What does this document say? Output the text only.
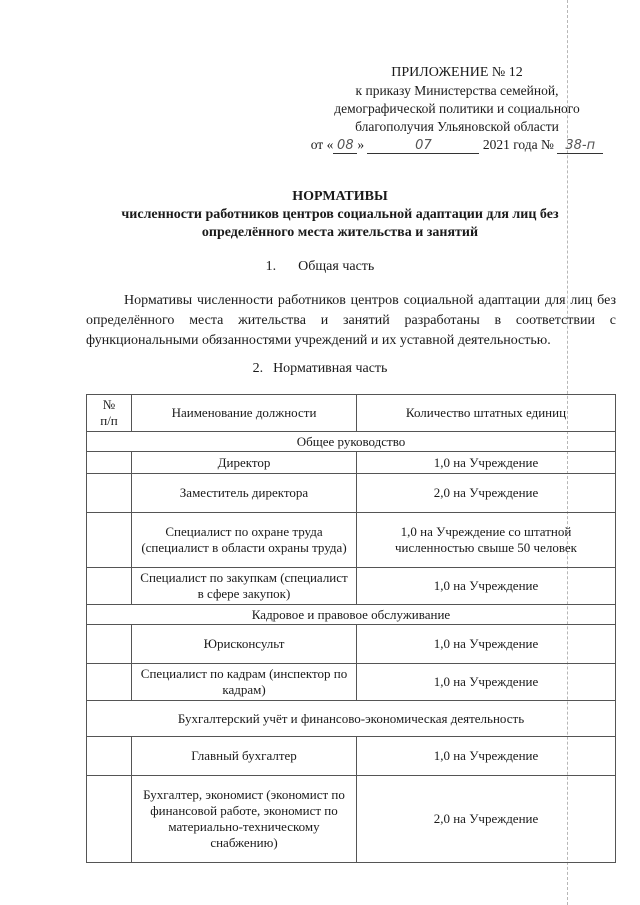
ПРИЛОЖЕНИЕ № 12
к приказу Министерства семейной,
демографической политики и социального
благополучия Ульяновской области
от « 08 »	07	2021 года № 38-п
НОРМАТИВЫ
численности работников центров социальной адаптации для лиц без
определённого места жительства и занятий
1. Общая часть
Нормативы численности работников центров социальной адаптации для лиц без определённого места жительства и занятий разработаны в соответствии с функциональными обязанностями учреждений и их уставной деятельностью.
2. Нормативная часть
№
п/п	Наименование должности	Количество штатных единиц
Общее руководство		
	Директор	1,0 на Учреждение
	Заместитель директора	2,0 на Учреждение
	Специалист по охране труда (специалист в области охраны труда)	1,0 на Учреждение со штатной численностью свыше 50 человек
	Специалист по закупкам (специалист в сфере закупок)	1,0 на Учреждение
Кадровое и правовое обслуживание		
	Юрисконсульт	1,0 на Учреждение
	Специалист по кадрам (инспектор по кадрам)	1,0 на Учреждение
Бухгалтерский учёт и финансово-экономическая деятельность		
	Главный бухгалтер	1,0 на Учреждение
	Бухгалтер, экономист (экономист по финансовой работе, экономист по материально-техническому снабжению)	2,0 на Учреждение
